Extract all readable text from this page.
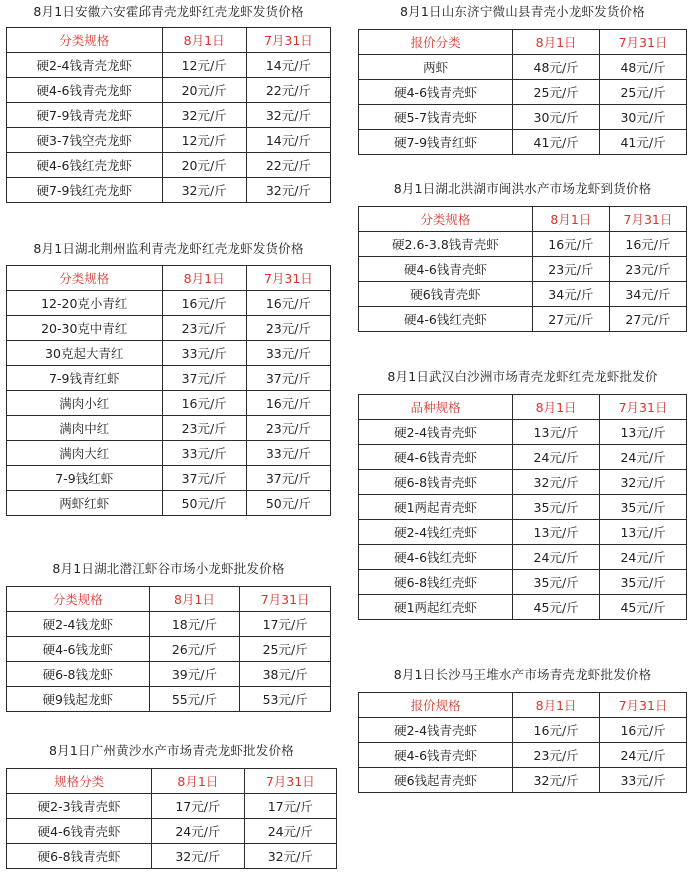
8月1日安徽六安霍邱青壳龙虾红壳龙虾发货价格
分类规格	8月1日	7月31日
硬2-4钱青壳龙虾	12元/斤	14元/斤
硬4-6钱青壳龙虾	20元/斤	22元/斤
硬7-9钱青壳龙虾	32元/斤	32元/斤
硬3-7钱空壳龙虾	12元/斤	14元/斤
硬4-6钱红壳龙虾	20元/斤	22元/斤
硬7-9钱红壳龙虾	32元/斤	32元/斤
8月1日湖北荆州监利青壳龙虾红壳龙虾发货价格
分类规格	8月1日	7月31日
12-20克小青红	16元/斤	16元/斤
20-30克中青红	23元/斤	23元/斤
30克起大青红	33元/斤	33元/斤
7-9钱青红虾	37元/斤	37元/斤
满肉小红	16元/斤	16元/斤
满肉中红	23元/斤	23元/斤
满肉大红	33元/斤	33元/斤
7-9钱红虾	37元/斤	37元/斤
两虾红虾	50元/斤	50元/斤
8月1日湖北潜江虾谷市场小龙虾批发价格
分类规格	8月1日	7月31日
硬2-4钱龙虾	18元/斤	17元/斤
硬4-6钱龙虾	26元/斤	25元/斤
硬6-8钱龙虾	39元/斤	38元/斤
硬9钱起龙虾	55元/斤	53元/斤
8月1日广州黄沙水产市场青壳龙虾批发价格
规格分类	8月1日	7月31日
硬2-3钱青壳虾	17元/斤	17元/斤
硬4-6钱青壳虾	24元/斤	24元/斤
硬6-8钱青壳虾	32元/斤	32元/斤
8月1日山东济宁微山县青壳小龙虾发货价格
报价分类	8月1日	7月31日
两虾	48元/斤	48元/斤
硬4-6钱青壳虾	25元/斤	25元/斤
硬5-7钱青壳虾	30元/斤	30元/斤
硬7-9钱青红虾	41元/斤	41元/斤
8月1日湖北洪湖市闽洪水产市场龙虾到货价格
分类规格	8月1日	7月31日
硬2.6-3.8钱青壳虾	16元/斤	16元/斤
硬4-6钱青壳虾	23元/斤	23元/斤
硬6钱青壳虾	34元/斤	34元/斤
硬4-6钱红壳虾	27元/斤	27元/斤
8月1日武汉白沙洲市场青壳龙虾红壳龙虾批发价
品种规格	8月1日	7月31日
硬2-4钱青壳虾	13元/斤	13元/斤
硬4-6钱青壳虾	24元/斤	24元/斤
硬6-8钱青壳虾	32元/斤	32元/斤
硬1两起青壳虾	35元/斤	35元/斤
硬2-4钱红壳虾	13元/斤	13元/斤
硬4-6钱红壳虾	24元/斤	24元/斤
硬6-8钱红壳虾	35元/斤	35元/斤
硬1两起红壳虾	45元/斤	45元/斤
8月1日长沙马王堆水产市场青壳龙虾批发价格
报价规格	8月1日	7月31日
硬2-4钱青壳虾	16元/斤	16元/斤
硬4-6钱青壳虾	23元/斤	24元/斤
硬6钱起青壳虾	32元/斤	33元/斤
